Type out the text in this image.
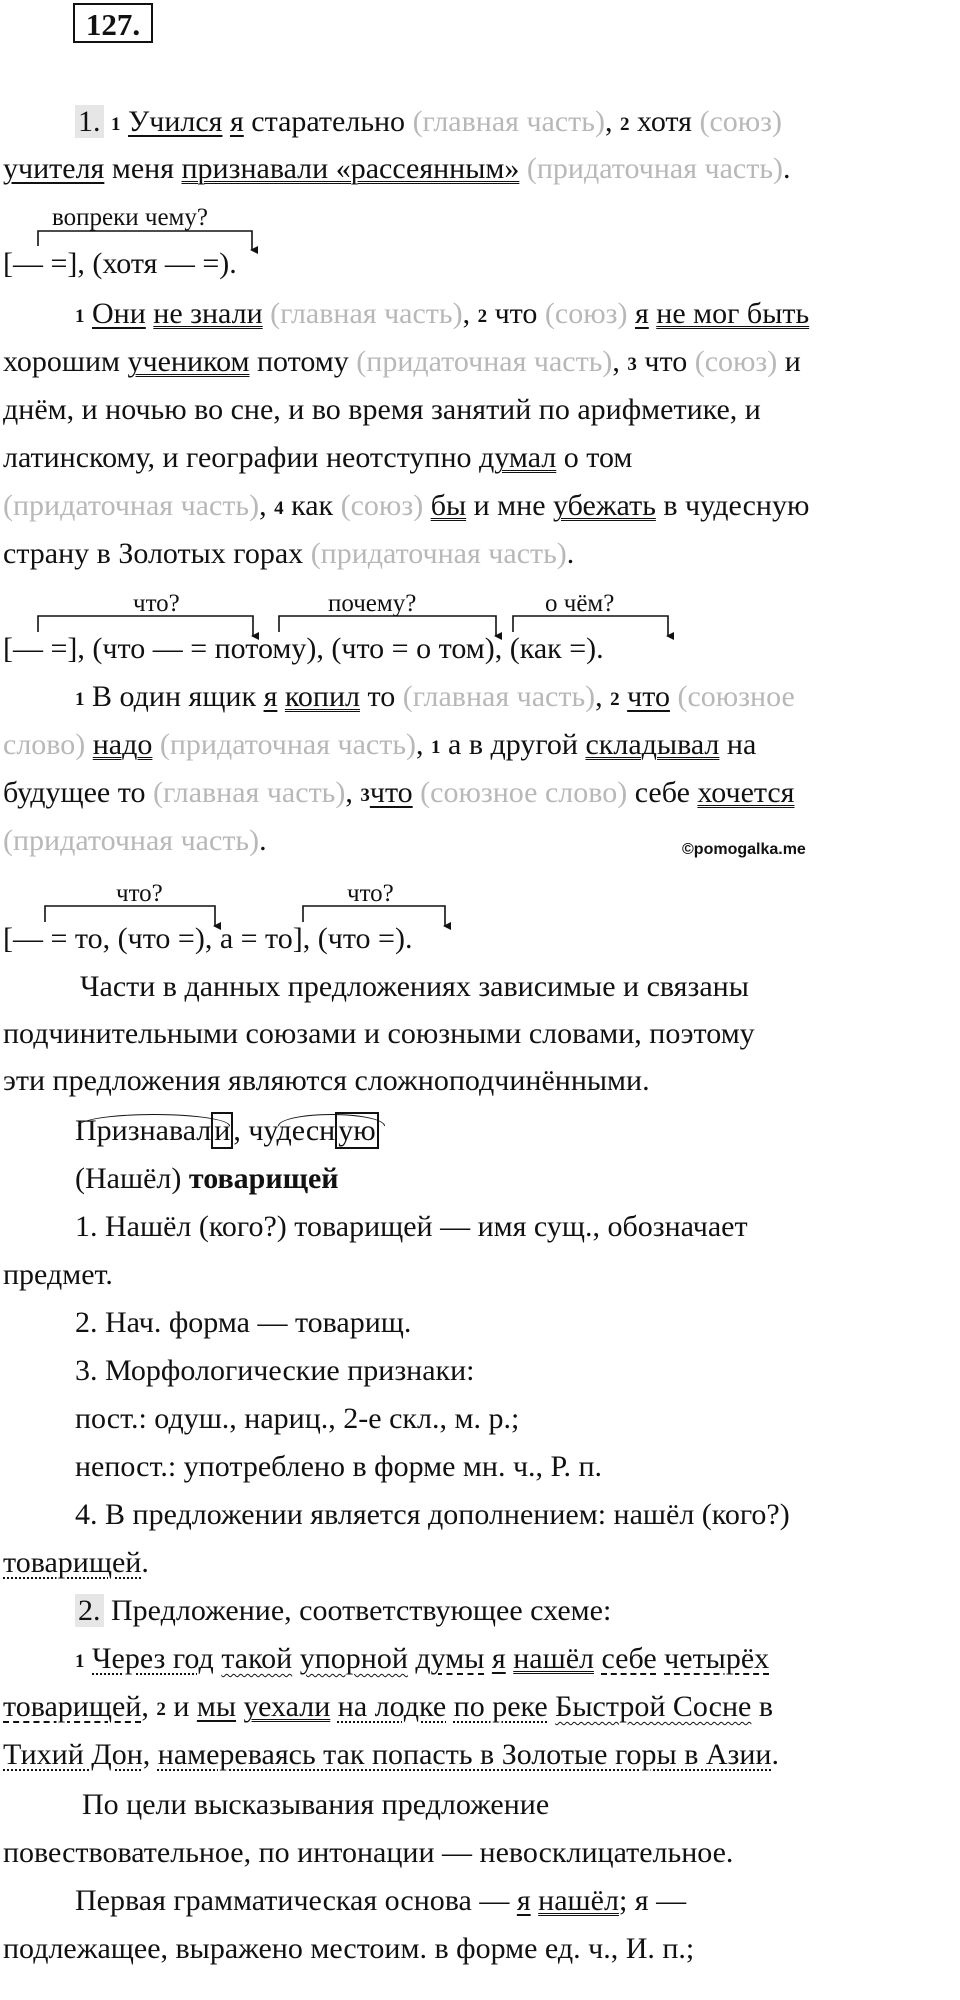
127.
1. 1 Учился я старательно (главная часть), 2 хотя (союз)
учителя меня признавали «рассеянным» (придаточная часть).
вопреки чему?
[— =], (хотя — =).
1 Они не знали (главная часть), 2 что (союз) я не мог быть
хорошим учеником потому (придаточная часть), 3 что (союз) и
днём, и ночью во сне, и во время занятий по арифметике, и
латинскому, и географии неотступно думал о том
(придаточная часть), 4 как (союз) бы и мне убежать в чудесную
страну в Золотых горах (придаточная часть).
что?	почему?	о чём?
[— =], (что — = потому), (что = о том), (как =).
1 В один ящик я копил то (главная часть), 2 что (союзное
слово) надо (придаточная часть), 1 а в другой складывал на
будущее то (главная часть), 3что (союзное слово) себе хочется
(придаточная часть).	©pomogalka.me
что?	что?
[— = то, (что =), а = то], (что =).
Части в данных предложениях зависимые и связаны
подчинительными союзами и союзными словами, поэтому
эти предложения являются сложноподчинёнными.
Признавал и , чудесн ую
(Нашёл) товарищей
1. Нашёл (кого?) товарищей — имя сущ., обозначает
предмет.
2. Нач. форма — товарищ.
3. Морфологические признаки:
пост.: одуш., нариц., 2-е скл., м. р.;
непост.: употреблено в форме мн. ч., Р. п.
4. В предложении является дополнением: нашёл (кого?)
товарищей.
2. Предложение, соответствующее схеме:
1 Через год такой упорной думы я нашёл себе четырёх
товарищей, 2 и мы уехали на лодке по реке Быстрой Сосне в
Тихий Дон, намереваясь так попасть в Золотые горы в Азии.
По цели высказывания предложение
повествовательное, по интонации — невосклицательное.
Первая грамматическая основа — я нашёл; я —
подлежащее, выражено местоим. в форме ед. ч., И. п.;
